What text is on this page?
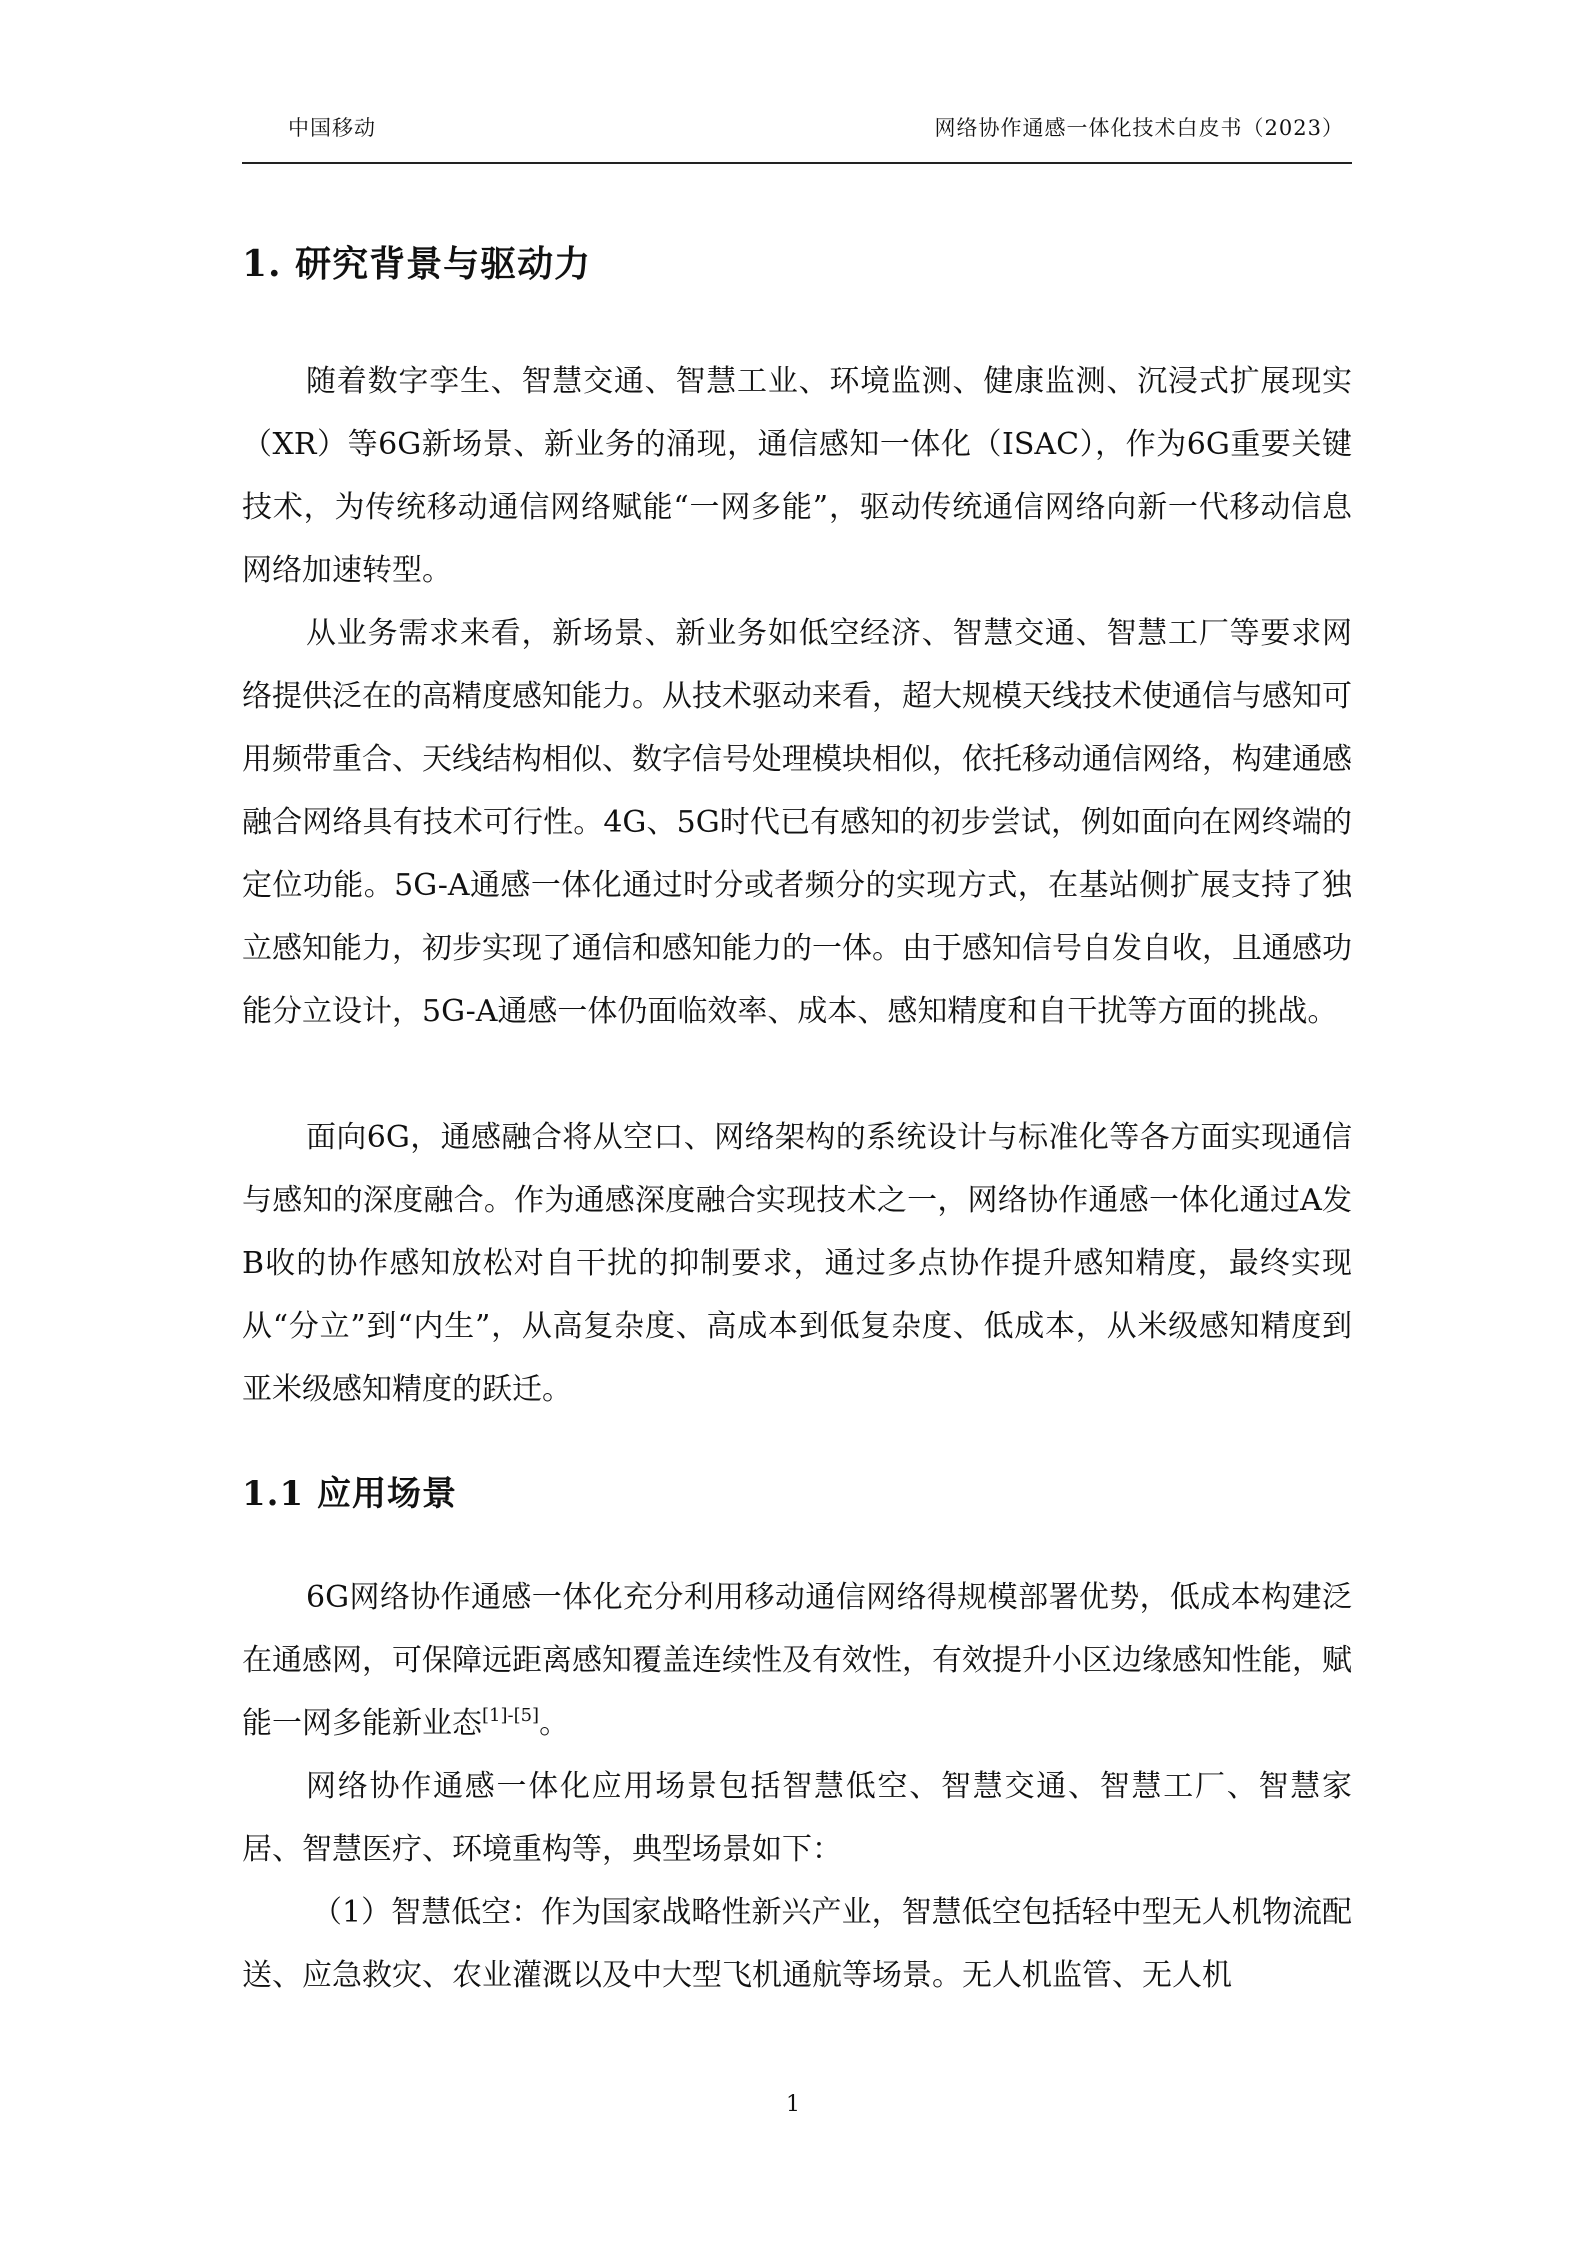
中国移动	网络协作通感一体化技术白皮书（2023）
1. 研究背景与驱动力

随着数字孪生、智慧交通、智慧工业、环境监测、健康监测、沉浸式扩展现实（XR）等6G新场景、新业务的涌现，通信感知一体化（ISAC），作为6G重要关键技术，为传统移动通信网络赋能“一网多能”，驱动传统通信网络向新一代移动信息网络加速转型。

从业务需求来看，新场景、新业务如低空经济、智慧交通、智慧工厂等要求网络提供泛在的高精度感知能力。从技术驱动来看，超大规模天线技术使通信与感知可用频带重合、天线结构相似、数字信号处理模块相似，依托移动通信网络，构建通感融合网络具有技术可行性。4G、5G时代已有感知的初步尝试，例如面向在网终端的定位功能。5G-A通感一体化通过时分或者频分的实现方式，在基站侧扩展支持了独立感知能力，初步实现了通信和感知能力的一体。由于感知信号自发自收，且通感功能分立设计，5G-A通感一体仍面临效率、成本、感知精度和自干扰等方面的挑战。

面向6G，通感融合将从空口、网络架构的系统设计与标准化等各方面实现通信与感知的深度融合。作为通感深度融合实现技术之一，网络协作通感一体化通过A发B收的协作感知放松对自干扰的抑制要求，通过多点协作提升感知精度，最终实现从“分立”到“内生”，从高复杂度、高成本到低复杂度、低成本，从米级感知精度到亚米级感知精度的跃迁。

1.1 应用场景

6G网络协作通感一体化充分利用移动通信网络得规模部署优势，低成本构建泛在通感网，可保障远距离感知覆盖连续性及有效性，有效提升小区边缘感知性能，赋能一网多能新业态[1]-[5]。

网络协作通感一体化应用场景包括智慧低空、智慧交通、智慧工厂、智慧家居、智慧医疗、环境重构等，典型场景如下：

（1）智慧低空：作为国家战略性新兴产业，智慧低空包括轻中型无人机物流配送、应急救灾、农业灌溉以及中大型飞机通航等场景。无人机监管、无人机

1
